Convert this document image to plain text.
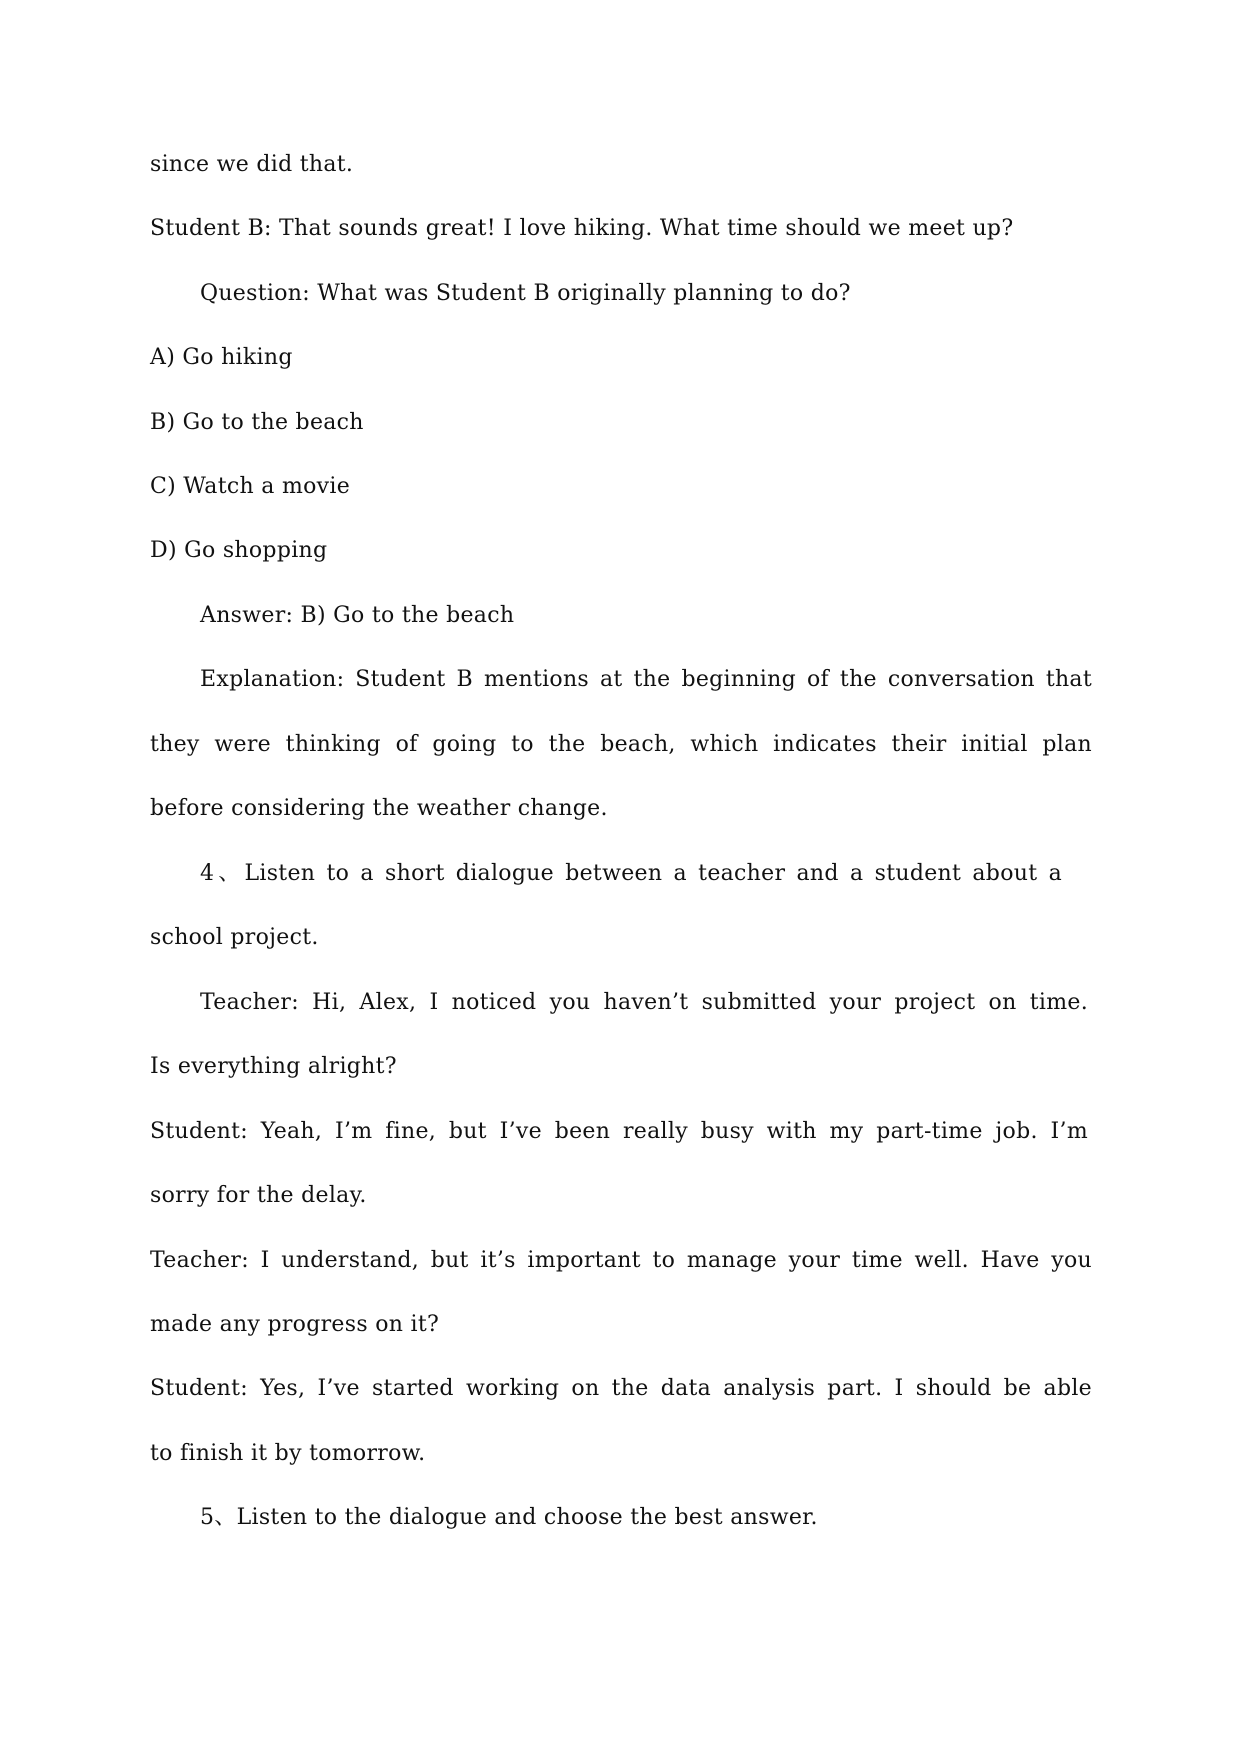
since we did that.
Student B: That sounds great! I love hiking. What time should we meet up?
Question: What was Student B originally planning to do?
A) Go hiking
B) Go to the beach
C) Watch a movie
D) Go shopping
Answer: B) Go to the beach
Explanation: Student B mentions at the beginning of the conversation that
they were thinking of going to the beach, which indicates their initial plan
before considering the weather change.
4、Listen to a short dialogue between a teacher and a student about a
school project.
Teacher: Hi, Alex, I noticed you haven’t submitted your project on time.
Is everything alright?
Student: Yeah, I’m fine, but I’ve been really busy with my part-time job. I’m
sorry for the delay.
Teacher: I understand, but it’s important to manage your time well. Have you
made any progress on it?
Student: Yes, I’ve started working on the data analysis part. I should be able
to finish it by tomorrow.
5、Listen to the dialogue and choose the best answer.
